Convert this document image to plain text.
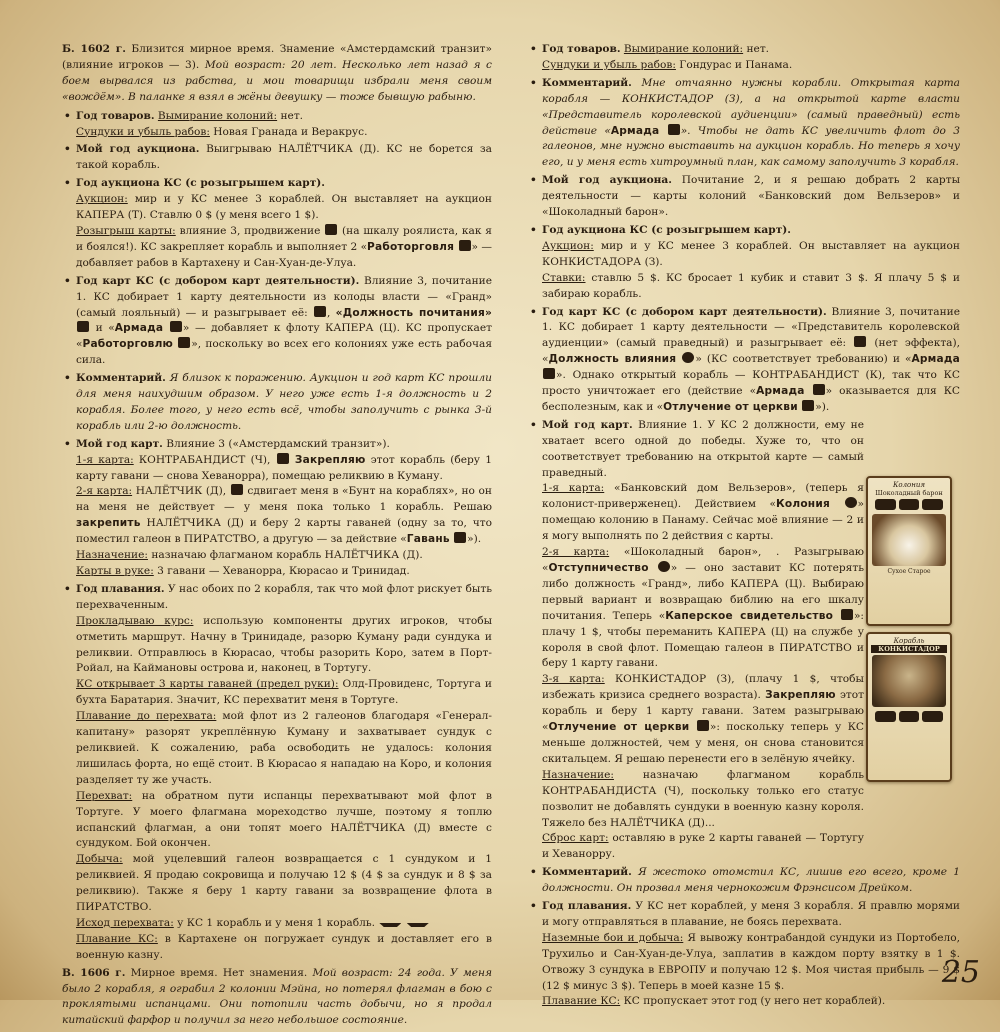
Б. 1602 г. Близится мирное время. Знамение «Амстердамский транзит» (влияние игроков — 3). Мой возраст: 20 лет. Несколько лет назад я с боем вырвался из рабства, и мои товарищи избрали меня своим «вождём». В паланке я взял в жёны девушку — тоже бывшую рабыню.

• Год товаров. Вымирание колоний: нет.
Сундуки и убыль рабов: Новая Гранада и Веракрус.

• Мой год аукциона. Выигрываю НАЛЁТЧИКА (Д). КС не борется за такой корабль.

• Год аукциона КС (с розыгрышем карт).
Аукцион: мир и у КС менее 3 кораблей. Он выставляет на аукцион КАПЕРА (Т). Ставлю 0 $ (у меня всего 1 $).
Розыгрыш карты: влияние 3, продвижение (на шкалу роялиста, как я и боялся!). КС закрепляет корабль и выполняет 2 «Работорговля » — добавляет рабов в Картахену и Сан-Хуан-де-Улуа.

• Год карт КС (с добором карт деятельности). Влияние 3, почитание 1. КС добирает 1 карту деятельности из колоды власти — «Гранд» (самый лояльный) — и разыгрывает её: , «Должность почитания»  и «Армада » — добавляет к флоту КАПЕРА (Ц). КС пропускает «Работорговлю », поскольку во всех его колониях уже есть рабочая сила.

• Комментарий. Я близок к поражению. Аукцион и год карт КС прошли для меня наихудшим образом. У него уже есть 1-я должность и 2 корабля. Более того, у него есть всё, чтобы заполучить с рынка 3-й корабль или 2-ю должность.

• Мой год карт. Влияние 3 («Амстердамский транзит»).
1-я карта: КОНТРАБАНДИСТ (Ч), Закрепляю этот корабль (беру 1 карту гавани — снова Хеванорра), помещаю реликвию в Куману.
2-я карта: НАЛЁТЧИК (Д),  сдвигает меня в «Бунт на кораблях», но он на меня не действует — у меня пока только 1 корабль. Решаю закрепить НАЛЁТЧИКА (Д) и беру 2 карты гаваней (одну за то, что поместил галеон в ПИРАТСТВО, а другую — за действие «Гавань »).
Назначение: назначаю флагманом корабль НАЛЁТЧИКА (Д).
Карты в руке: 3 гавани — Хеванорра, Кюрасао и Тринидад.

• Год плавания. У нас обоих по 2 корабля, так что мой флот рискует быть перехваченным.
Прокладываю курс: использую компоненты других игроков, чтобы отметить маршрут. Начну в Тринидаде, разорю Куману ради сундука и реликвии. Отправлюсь в Кюрасао, чтобы разорить Коро, затем в Порт-Ройал, на Каймановы острова и, наконец, в Тортугу.
КС открывает 3 карты гаваней (предел руки): Олд-Провиденс, Тортуга и бухта Баратария. Значит, КС перехватит меня в Тортуге.
Плавание до перехвата: мой флот из 2 галеонов благодаря «Генерал-капитану» разорят укреплённую Куману и захватывает сундук с реликвией. К сожалению, раба освободить не удалось: колония лишилась форта, но ещё стоит. В Кюрасао я нападаю на Коро, и колония разделяет ту же участь.
Перехват: на обратном пути испанцы перехватывают мой флот в Тортуге. У моего флагмана мореходство лучше, поэтому я топлю испанский флагман, а они топят моего НАЛЁТЧИКА (Д) вместе с сундуком. Бой окончен.
Добыча: мой уцелевший галеон возвращается с 1 сундуком и 1 реликвией. Я продаю сокровища и получаю 12 $ (4 $ за сундук и 8 $ за реликвию). Также я беру 1 карту гавани за возвращение флота в ПИРАТСТВО.
Исход перехвата: у КС 1 корабль и у меня 1 корабль.
Плавание КС: в Картахене он погружает сундук и доставляет его в военную казну.

В. 1606 г. Мирное время. Нет знамения. Мой возраст: 24 года. У меня было 2 корабля, я ограбил 2 колонии Мэйна, но потерял флагман в бою с проклятыми испанцами. Они потопили часть добычи, но я продал китайский фарфор и получил за него небольшое состояние.

• Год товаров. Вымирание колоний: нет.
Сундуки и убыль рабов: Гондурас и Панама.

• Комментарий. Мне отчаянно нужны корабли. Открытая карта корабля — КОНКИСТАДОР (З), а на открытой карте власти «Представитель королевской аудиенции» (самый праведный) есть действие «Армада ». Чтобы не дать КС увеличить флот до 3 галеонов, мне нужно выставить на аукцион корабль. Но теперь я хочу его, и у меня есть хитроумный план, как самому заполучить 3 корабля.

• Мой год аукциона. Почитание 2, и я решаю добрать 2 карты деятельности — карты колоний «Банковский дом Вельзеров» и «Шоколадный барон».

• Год аукциона КС (с розыгрышем карт).
Аукцион: мир и у КС менее 3 кораблей. Он выставляет на аукцион КОНКИСТАДОРА (З).
Ставки: ставлю 5 $. КС бросает 1 кубик и ставит 3 $. Я плачу 5 $ и забираю корабль.

• Год карт КС (с добором карт деятельности). Влияние 3, почитание 1. КС добирает 1 карту деятельности — «Представитель королевской аудиенции» (самый праведный) и разыгрывает её:	(нет эффекта), «Должность влияния » (КС соответствует требованию) и «Армада ». Однако открытый корабль — КОНТРАБАНДИСТ (К), так что КС просто уничтожает его (действие «Армада » оказывается для КС бесполезным, как и «Отлучение от церкви »).

• Мой год карт. Влияние 1. У КС 2 должности, ему не хватает всего одной до победы. Хуже то, что он соответствует требованию на открытой карте — самый праведный.
1-я карта: «Банковский дом Вельзеров», (теперь я колонист-приверженец). Действием «Колония	» помещаю колонию в Панаму. Сейчас моё влияние — 2 и я могу выполнять по 2 действия с карты.
2-я карта: «Шоколадный барон», . Разыгрываю «Отступничество » — оно заставит КС потерять либо должность «Гранд», либо КАПЕРА (Ц). Выбираю первый вариант и возвращаю библию на его шкалу почитания. Теперь «Каперское свидетельство »: плачу 1 $, чтобы переманить КАПЕРА (Ц) на службе у короля в свой флот. Помещаю галеон в ПИРАТСТВО и беру 1 карту гавани.
3-я карта: КОНКИСТАДОР (З), (плачу 1 $, чтобы избежать кризиса среднего возраста). Закрепляю этот корабль и беру 1 карту гавани. Затем разыгрываю «Отлучение от церкви »: поскольку теперь у КС меньше должностей, чем у меня, он снова становится скитальцем. Я решаю перенести его в зелёную ячейку.
Назначение: назначаю флагманом корабль КОНТРАБАНДИСТА (Ч), поскольку только его статус позволит не добавлять сундуки в военную казну короля. Тяжело без НАЛЁТЧИКА (Д)...
Сброс карт: оставляю в руке 2 карты гаваней — Тортугу и Хеванорру.

• Комментарий. Я жестоко отомстил КС, лишив его всего, кроме 1 должности. Он прозвал меня чернокожим Фрэнсисом Дрейком.

• Год плавания. У КС нет кораблей, у меня 3 корабля. Я правлю морями и могу отправляться в плавание, не боясь перехвата.
Наземные бои и добыча: Я вывожу контрабандой сундуки из Портобело, Трухильо и Сан-Хуан-де-Улуа, заплатив в каждом порту взятку в 1 $. Отвожу 3 сундука в ЕВРОПУ и получаю 12 $. Моя чистая прибыль — 9 $ (12 $ минус 3 $). Теперь в моей казне 15 $.
Плавание КС: КС пропускает этот год (у него нет кораблей).

Колония
Шоколадный барон
Сухое Старое
Корабль
КОНКИСТАДОР
25
